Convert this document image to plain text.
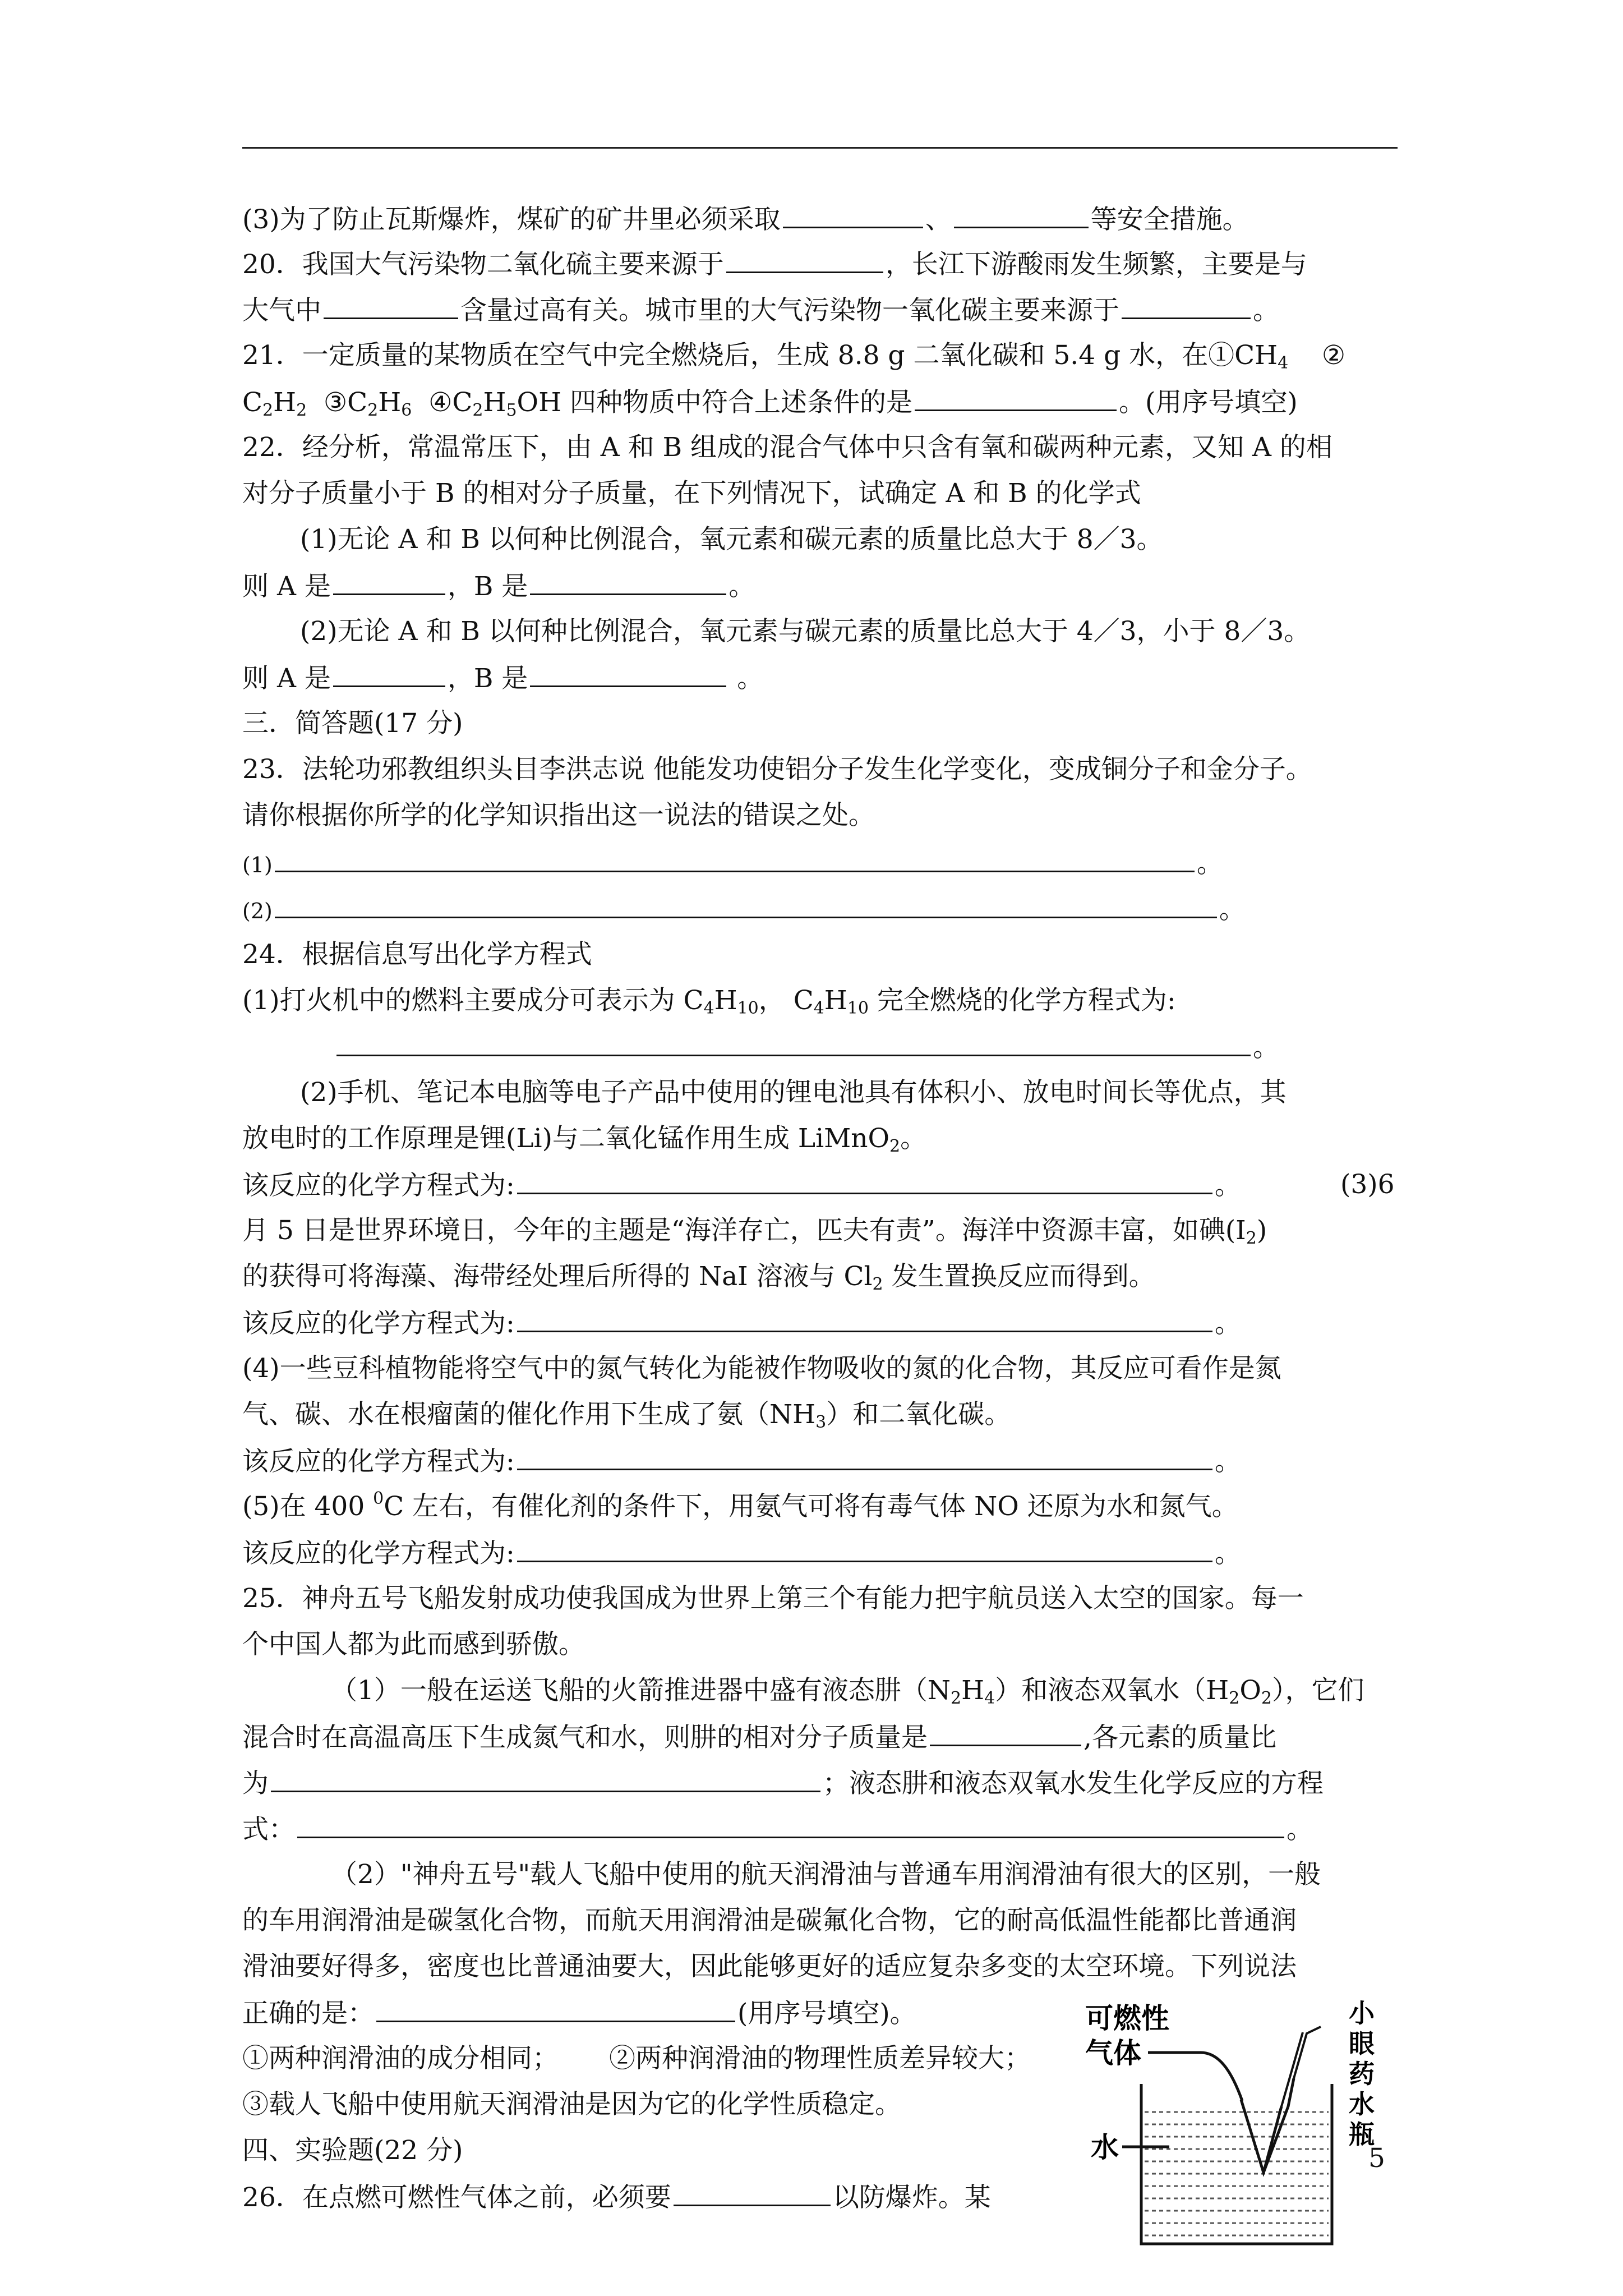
(3)为了防止瓦斯爆炸，煤矿的矿井里必须采取	、	等安全措施。
20．我国大气污染物二氧化硫主要来源于	，长江下游酸雨发生频繁，主要是与
大气中	含量过高有关。城市里的大气污染物一氧化碳主要来源于	。
21．一定质量的某物质在空气中完全燃烧后，生成 8.8 g 二氧化碳和 5.4 g 水，在$①CH_4$ ②
$C_2H_2$ $③C_2H_6$ $④C_2H_5OH$ 四种物质中符合上述条件的是	。(用序号填空)
22．经分析，常温常压下，由 A 和 B 组成的混合气体中只含有氧和碳两种元素，又知 A 的相
对分子质量小于 B 的相对分子质量，在下列情况下，试确定 A 和 B 的化学式
(1)无论 A 和 B 以何种比例混合，氧元素和碳元素的质量比总大于 8／3。
则 A 是	，B 是	。
(2)无论 A 和 B 以何种比例混合，氧元素与碳元素的质量比总大于 4／3，小于 8／3。
则 A 是	，B 是	。
三．简答题(17 分)
23．法轮功邪教组织头目李洪志说 他能发功使铝分子发生化学变化，变成铜分子和金分子。
请你根据你所学的化学知识指出这一说法的错误之处。
(1)	。
(2)	。
24．根据信息写出化学方程式
(1)打火机中的燃料主要成分可表示为 $C_4H_{10}$， $C_4H_{10}$ 完全燃烧的化学方程式为:
。
(2)手机、笔记本电脑等电子产品中使用的锂电池具有体积小、放电时间长等优点，其
放电时的工作原理是锂(Li)与二氧化锰作用生成 LiMnO$_2$。
该反应的化学方程式为:	。	(3)6
月 5 日是世界环境日，今年的主题是“海洋存亡，匹夫有责”。海洋中资源丰富，如碘$(I_2)$
的获得可将海藻、海带经处理后所得的 NaI 溶液与 $Cl_2$ 发生置换反应而得到。
该反应的化学方程式为:	。
(4)一些豆科植物能将空气中的氮气转化为能被作物吸收的氮的化合物，其反应可看作是氮
气、碳、水在根瘤菌的催化作用下生成了氨$(NH_3)$和二氧化碳。
该反应的化学方程式为:	。
(5)在 400 $^0$C 左右，有催化剂的条件下，用氨气可将有毒气体 NO 还原为水和氮气。
该反应的化学方程式为:	。
25．神舟五号飞船发射成功使我国成为世界上第三个有能力把宇航员送入太空的国家。每一
个中国人都为此而感到骄傲。
（1）一般在运送飞船的火箭推进器中盛有液态肼$(N_2H_4)$和液态双氧水$(H_2O_2)$，它们
混合时在高温高压下生成氮气和水，则肼的相对分子质量是	,各元素的质量比
为	；液态肼和液态双氧水发生化学反应的方程
式：	。
（2）"神舟五号"载人飞船中使用的航天润滑油与普通车用润滑油有很大的区别，一般
的车用润滑油是碳氢化合物，而航天用润滑油是碳氟化合物，它的耐高低温性能都比普通润
滑油要好得多，密度也比普通油要大，因此能够更好的适应复杂多变的太空环境。下列说法
正确的是：	(用序号填空)。
①两种润滑油的成分相同； ②两种润滑油的物理性质差异较大；
③载人飞船中使用航天润滑油是因为它的化学性质稳定。
四、实验题(22 分)
26．在点燃可燃性气体之前，必须要	以防爆炸。某
可燃性
气体
水
小眼药水瓶
5
